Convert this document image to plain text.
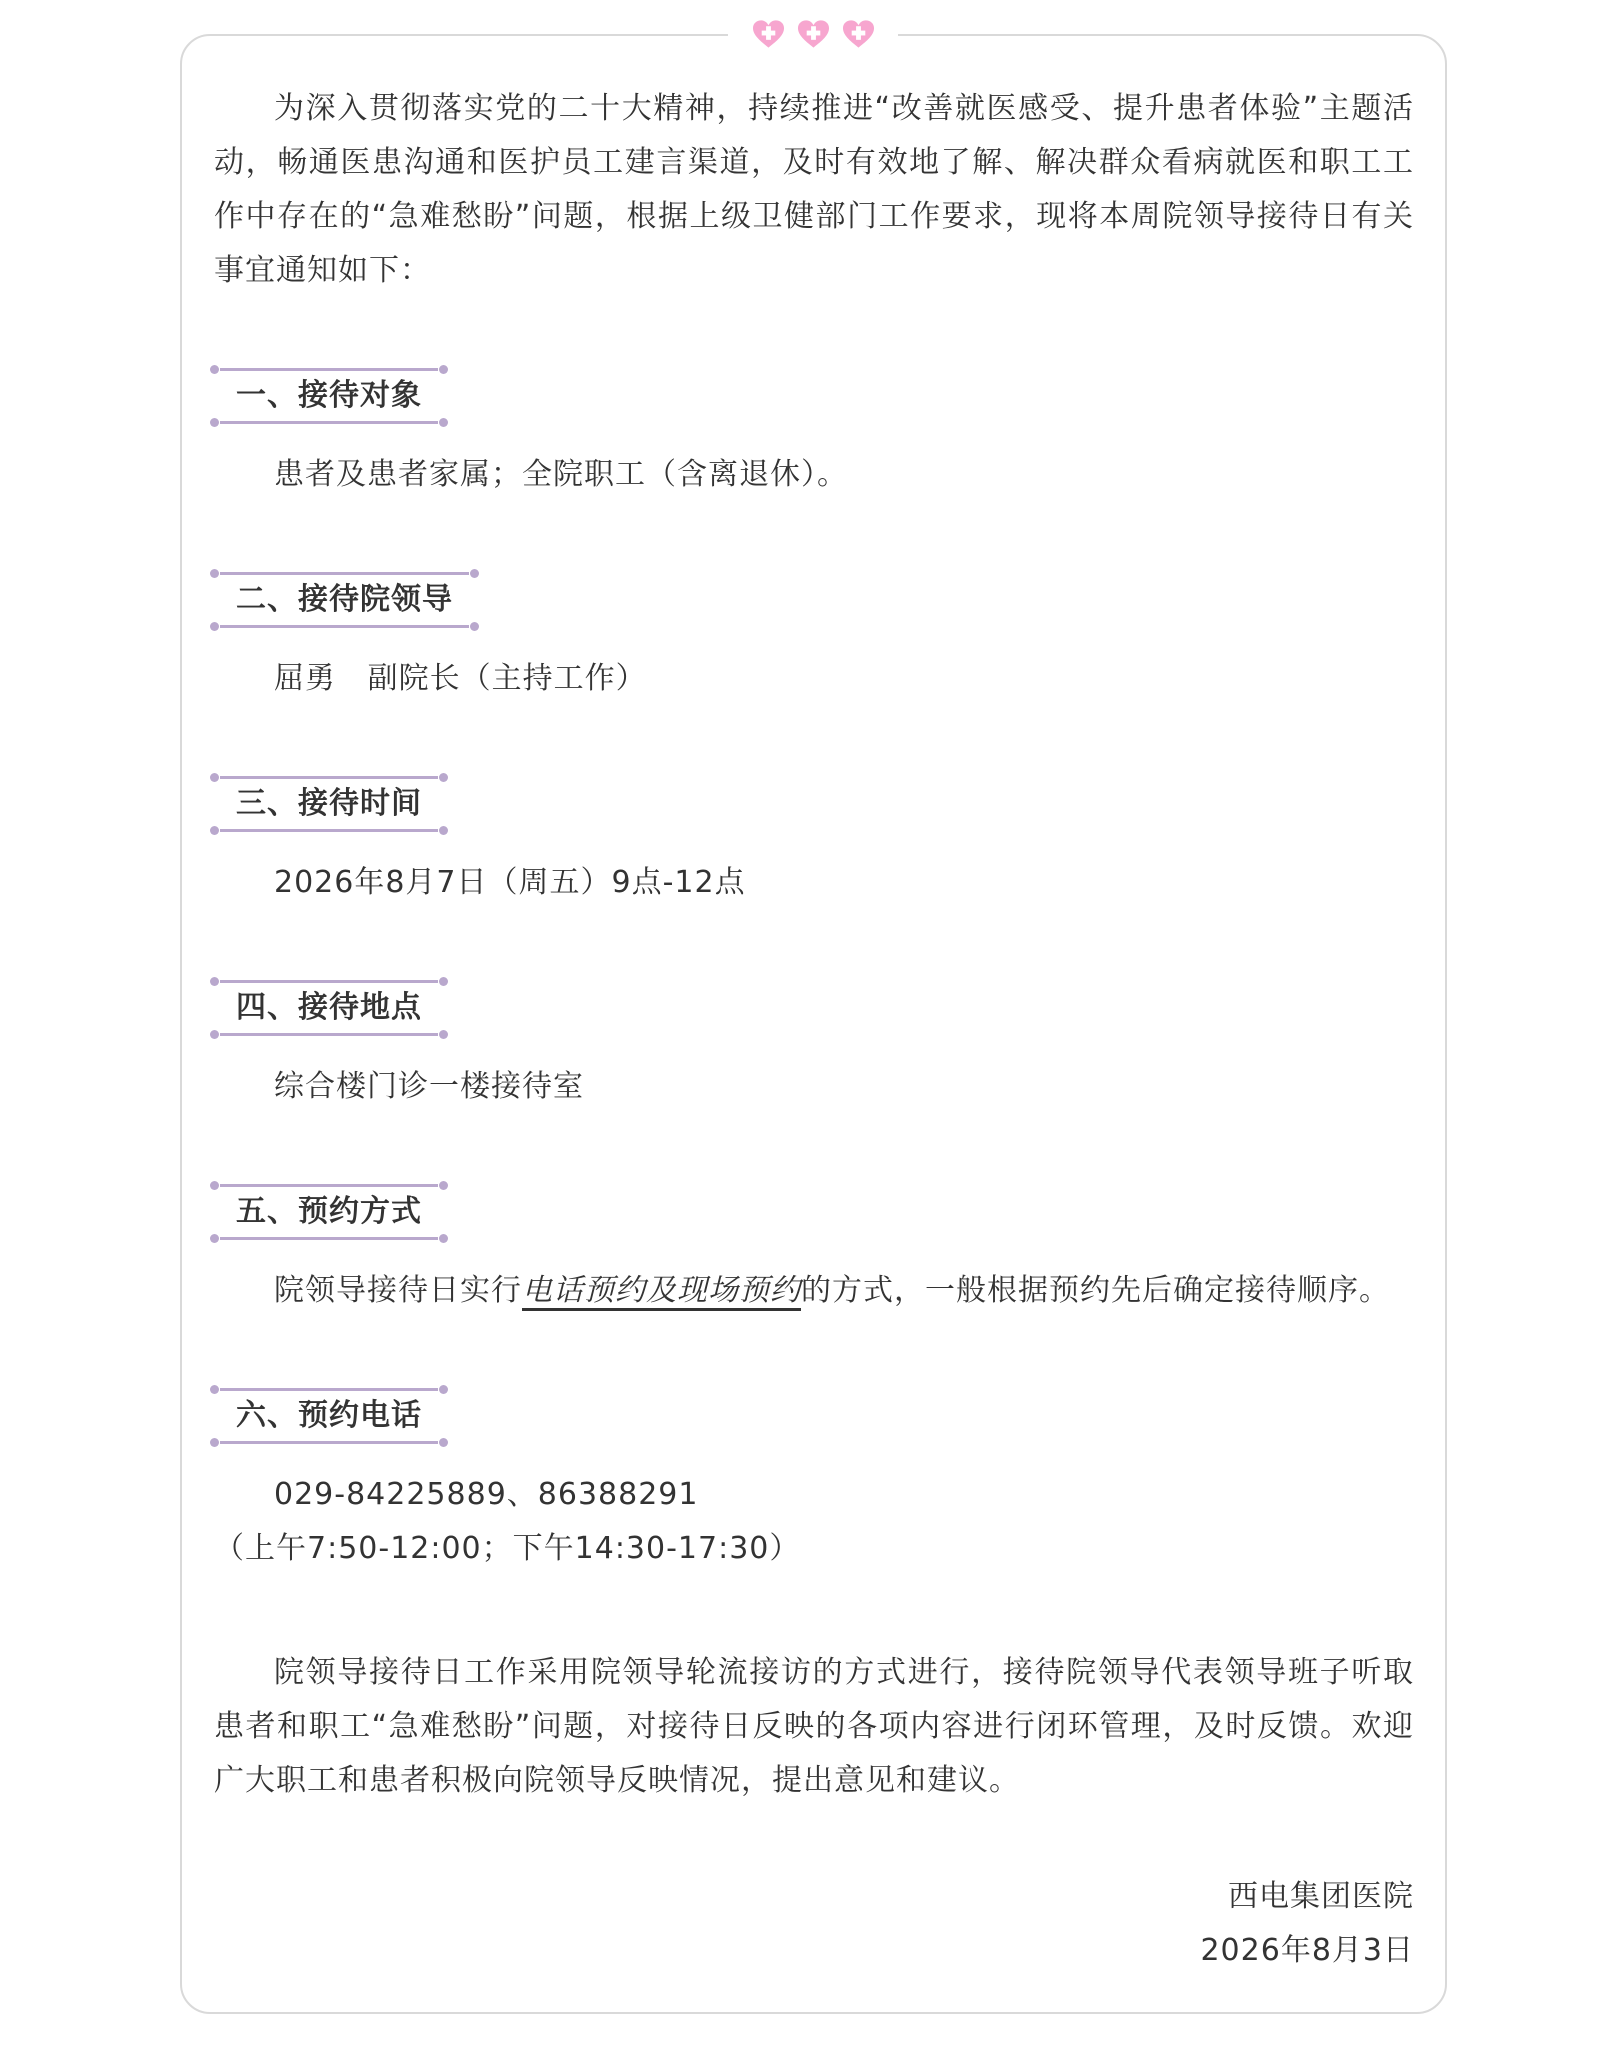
为深入贯彻落实党的二十大精神，持续推进“改善就医感受、提升患者体验”主题活动，畅通医患沟通和医护员工建言渠道，及时有效地了解、解决群众看病就医和职工工作中存在的“急难愁盼”问题，根据上级卫健部门工作要求，现将本周院领导接待日有关事宜通知如下：

一、接待对象
患者及患者家属；全院职工（含离退休）。
二、接待院领导
屈勇   副院长（主持工作）
三、接待时间
2026年8月7日（周五）9点-12点
四、接待地点
综合楼门诊一楼接待室
五、预约方式
院领导接待日实行电话预约及现场预约的方式，一般根据预约先后确定接待顺序。
六、预约电话
029-84225889、86388291
（上午7:50-12:00；下午14:30-17:30）

院领导接待日工作采用院领导轮流接访的方式进行，接待院领导代表领导班子听取患者和职工“急难愁盼”问题，对接待日反映的各项内容进行闭环管理，及时反馈。欢迎广大职工和患者积极向院领导反映情况，提出意见和建议。

西电集团医院
2026年8月3日
